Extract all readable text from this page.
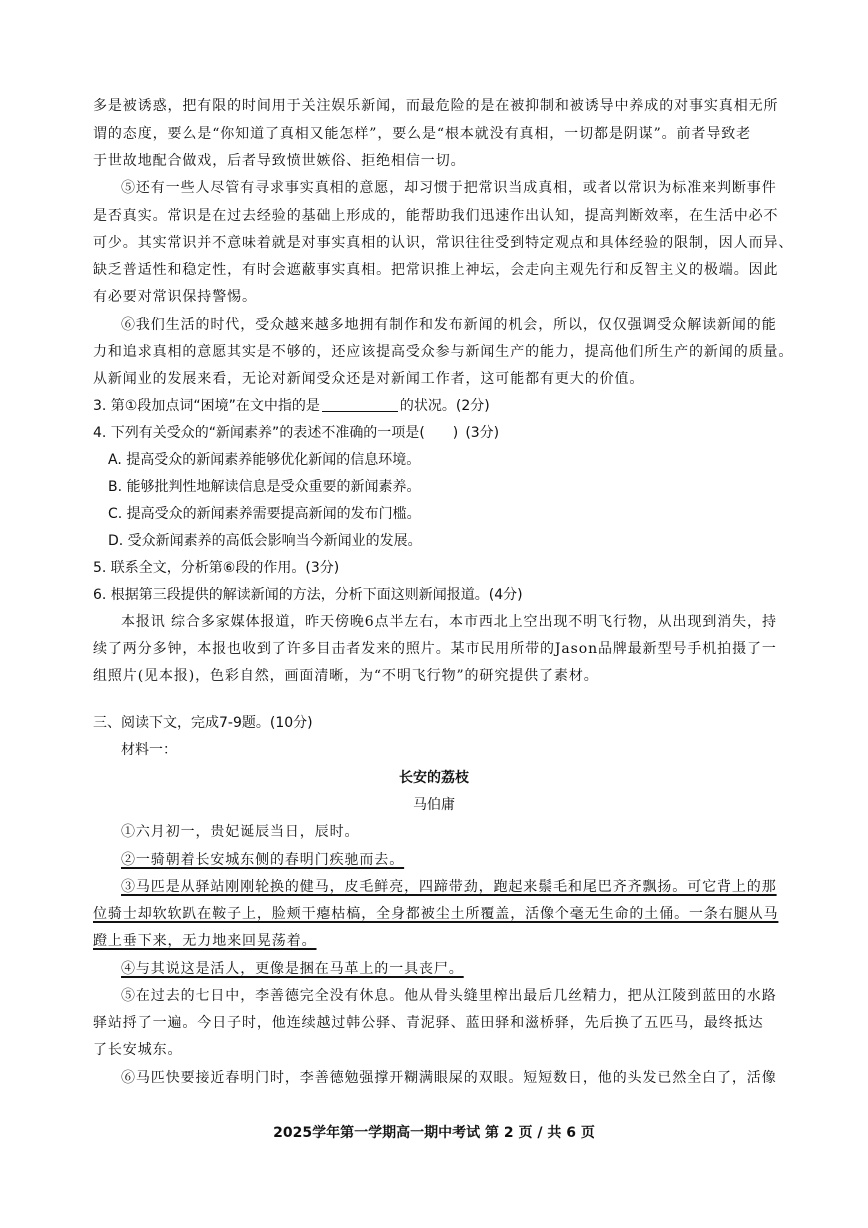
多是被诱惑，把有限的时间用于关注娱乐新闻，而最危险的是在被抑制和被诱导中养成的对事实真相无所

谓的态度，要么是“你知道了真相又能怎样”，要么是“根本就没有真相，一切都是阴谋”。前者导致老

于世故地配合做戏，后者导致愤世嫉俗、拒绝相信一切。

⑤还有一些人尽管有寻求事实真相的意愿，却习惯于把常识当成真相，或者以常识为标准来判断事件

是否真实。常识是在过去经验的基础上形成的，能帮助我们迅速作出认知，提高判断效率，在生活中必不

可少。其实常识并不意味着就是对事实真相的认识，常识往往受到特定观点和具体经验的限制，因人而异、

缺乏普适性和稳定性，有时会遮蔽事实真相。把常识推上神坛，会走向主观先行和反智主义的极端。因此

有必要对常识保持警惕。

⑥我们生活的时代，受众越来越多地拥有制作和发布新闻的机会，所以，仅仅强调受众解读新闻的能

力和追求真相的意愿其实是不够的，还应该提高受众参与新闻生产的能力，提高他们所生产的新闻的质量。

从新闻业的发展来看，无论对新闻受众还是对新闻工作者，这可能都有更大的价值。

3. 第①段加点词“困境”在文中指的是	的状况。(2分)

4. 下列有关受众的“新闻素养”的表述不准确的一项是(　　) (3分)

A. 提高受众的新闻素养能够优化新闻的信息环境。

B. 能够批判性地解读信息是受众重要的新闻素养。

C. 提高受众的新闻素养需要提高新闻的发布门槛。

D. 受众新闻素养的高低会影响当今新闻业的发展。

5. 联系全文，分析第⑥段的作用。(3分)

6. 根据第三段提供的解读新闻的方法，分析下面这则新闻报道。(4分)

本报讯 综合多家媒体报道，昨天傍晚6点半左右，本市西北上空出现不明飞行物，从出现到消失，持

续了两分多钟，本报也收到了许多目击者发来的照片。某市民用所带的Jason品牌最新型号手机拍摄了一

组照片(见本报)，色彩自然，画面清晰，为“不明飞行物”的研究提供了素材。

三、阅读下文，完成7-9题。(10分)

材料一：

长安的荔枝

马伯庸

①六月初一，贵妃诞辰当日，辰时。

②一骑朝着长安城东侧的春明门疾驰而去。

③马匹是从驿站刚刚轮换的健马，皮毛鲜亮，四蹄带劲，跑起来鬃毛和尾巴齐齐飘扬。可它背上的那

位骑士却软软趴在鞍子上，脸颊干瘪枯槁，全身都被尘土所覆盖，活像个毫无生命的土俑。一条右腿从马

蹬上垂下来，无力地来回晃荡着。

④与其说这是活人，更像是捆在马革上的一具丧尸。

⑤在过去的七日中，李善德完全没有休息。他从骨头缝里榨出最后几丝精力，把从江陵到蓝田的水路

驿站捋了一遍。今日子时，他连续越过韩公驿、青泥驿、蓝田驿和滋桥驿，先后换了五匹马，最终抵达

了长安城东。

⑥马匹快要接近春明门时，李善德勉强撑开糊满眼屎的双眼。短短数日，他的头发已然全白了，活像

2025学年第一学期高一期中考试 第 2 页 / 共 6 页
